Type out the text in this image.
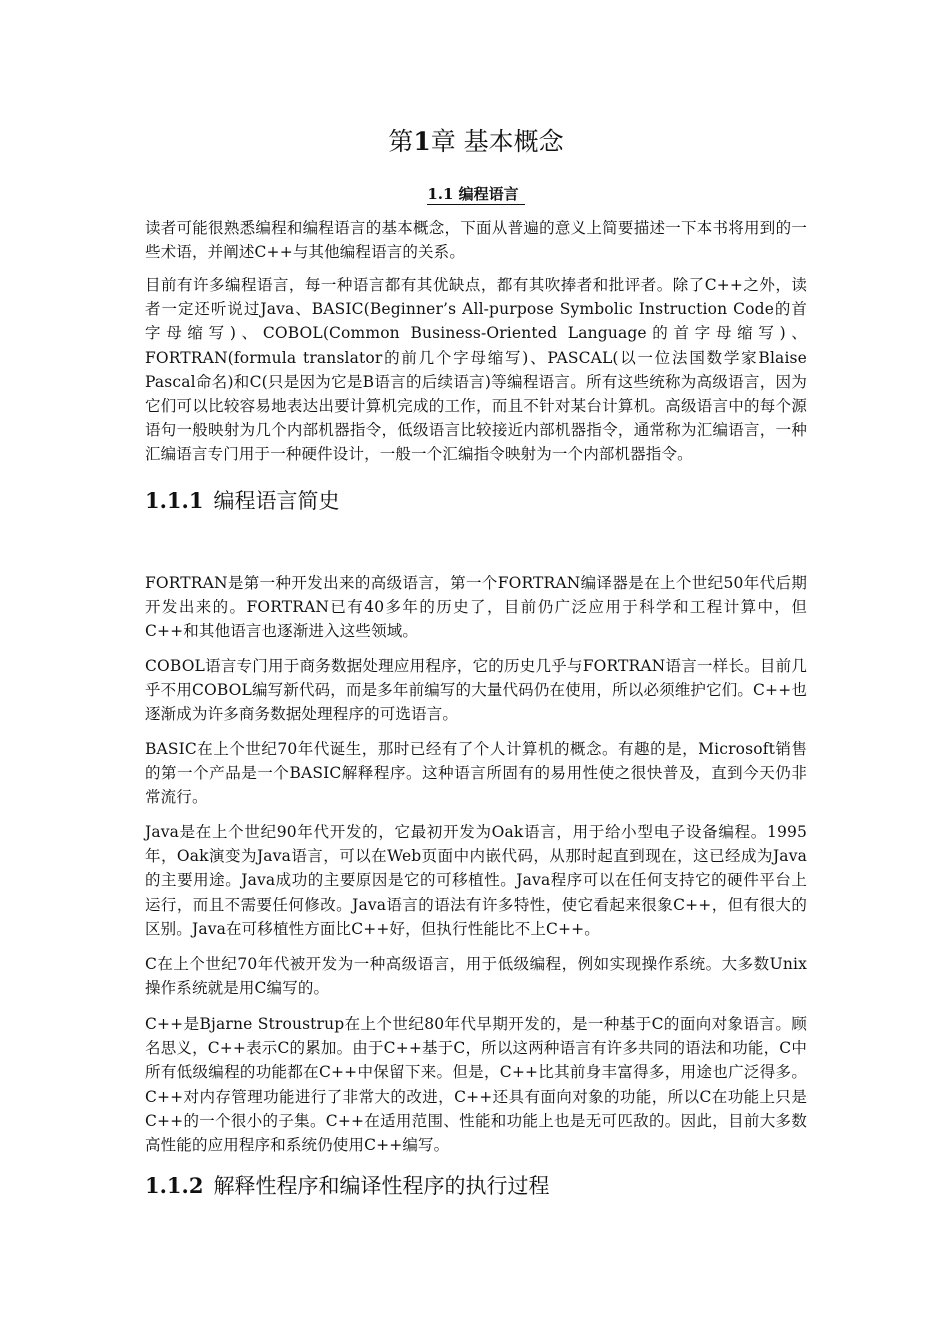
第1章 基本概念
1.1 编程语言

读者可能很熟悉编程和编程语言的基本概念，下面从普遍的意义上简要描述一下本书将用到的一些术语，并阐述C++与其他编程语言的关系。

目前有许多编程语言，每一种语言都有其优缺点，都有其吹捧者和批评者。除了C++之外，读者一定还听说过Java、BASIC(Beginner’s All-purpose Symbolic Instruction Code的首字母缩写)、COBOL(Common Business-Oriented Language的首字母缩写)、FORTRAN(formula translator的前几个字母缩写)、PASCAL(以一位法国数学家Blaise Pascal命名)和C(只是因为它是B语言的后续语言)等编程语言。所有这些统称为高级语言，因为它们可以比较容易地表达出要计算机完成的工作，而且不针对某台计算机。高级语言中的每个源语句一般映射为几个内部机器指令，低级语言比较接近内部机器指令，通常称为汇编语言，一种汇编语言专门用于一种硬件设计，一般一个汇编指令映射为一个内部机器指令。

1.1.1 编程语言简史

FORTRAN是第一种开发出来的高级语言，第一个FORTRAN编译器是在上个世纪50年代后期开发出来的。FORTRAN已有40多年的历史了，目前仍广泛应用于科学和工程计算中，但C++和其他语言也逐渐进入这些领域。

COBOL语言专门用于商务数据处理应用程序，它的历史几乎与FORTRAN语言一样长。目前几乎不用COBOL编写新代码，而是多年前编写的大量代码仍在使用，所以必须维护它们。C++也逐渐成为许多商务数据处理程序的可选语言。

BASIC在上个世纪70年代诞生，那时已经有了个人计算机的概念。有趣的是，Microsoft销售的第一个产品是一个BASIC解释程序。这种语言所固有的易用性使之很快普及，直到今天仍非常流行。

Java是在上个世纪90年代开发的，它最初开发为Oak语言，用于给小型电子设备编程。1995年，Oak演变为Java语言，可以在Web页面中内嵌代码，从那时起直到现在，这已经成为Java的主要用途。Java成功的主要原因是它的可移植性。Java程序可以在任何支持它的硬件平台上运行，而且不需要任何修改。Java语言的语法有许多特性，使它看起来很象C++，但有很大的区别。Java在可移植性方面比C++好，但执行性能比不上C++。

C在上个世纪70年代被开发为一种高级语言，用于低级编程，例如实现操作系统。大多数Unix操作系统就是用C编写的。

C++是Bjarne Stroustrup在上个世纪80年代早期开发的，是一种基于C的面向对象语言。顾名思义，C++表示C的累加。由于C++基于C，所以这两种语言有许多共同的语法和功能，C中所有低级编程的功能都在C++中保留下来。但是，C++比其前身丰富得多，用途也广泛得多。C++对内存管理功能进行了非常大的改进，C++还具有面向对象的功能，所以C在功能上只是C++的一个很小的子集。C++在适用范围、性能和功能上也是无可匹敌的。因此，目前大多数高性能的应用程序和系统仍使用C++编写。

1.1.2 解释性程序和编译性程序的执行过程
